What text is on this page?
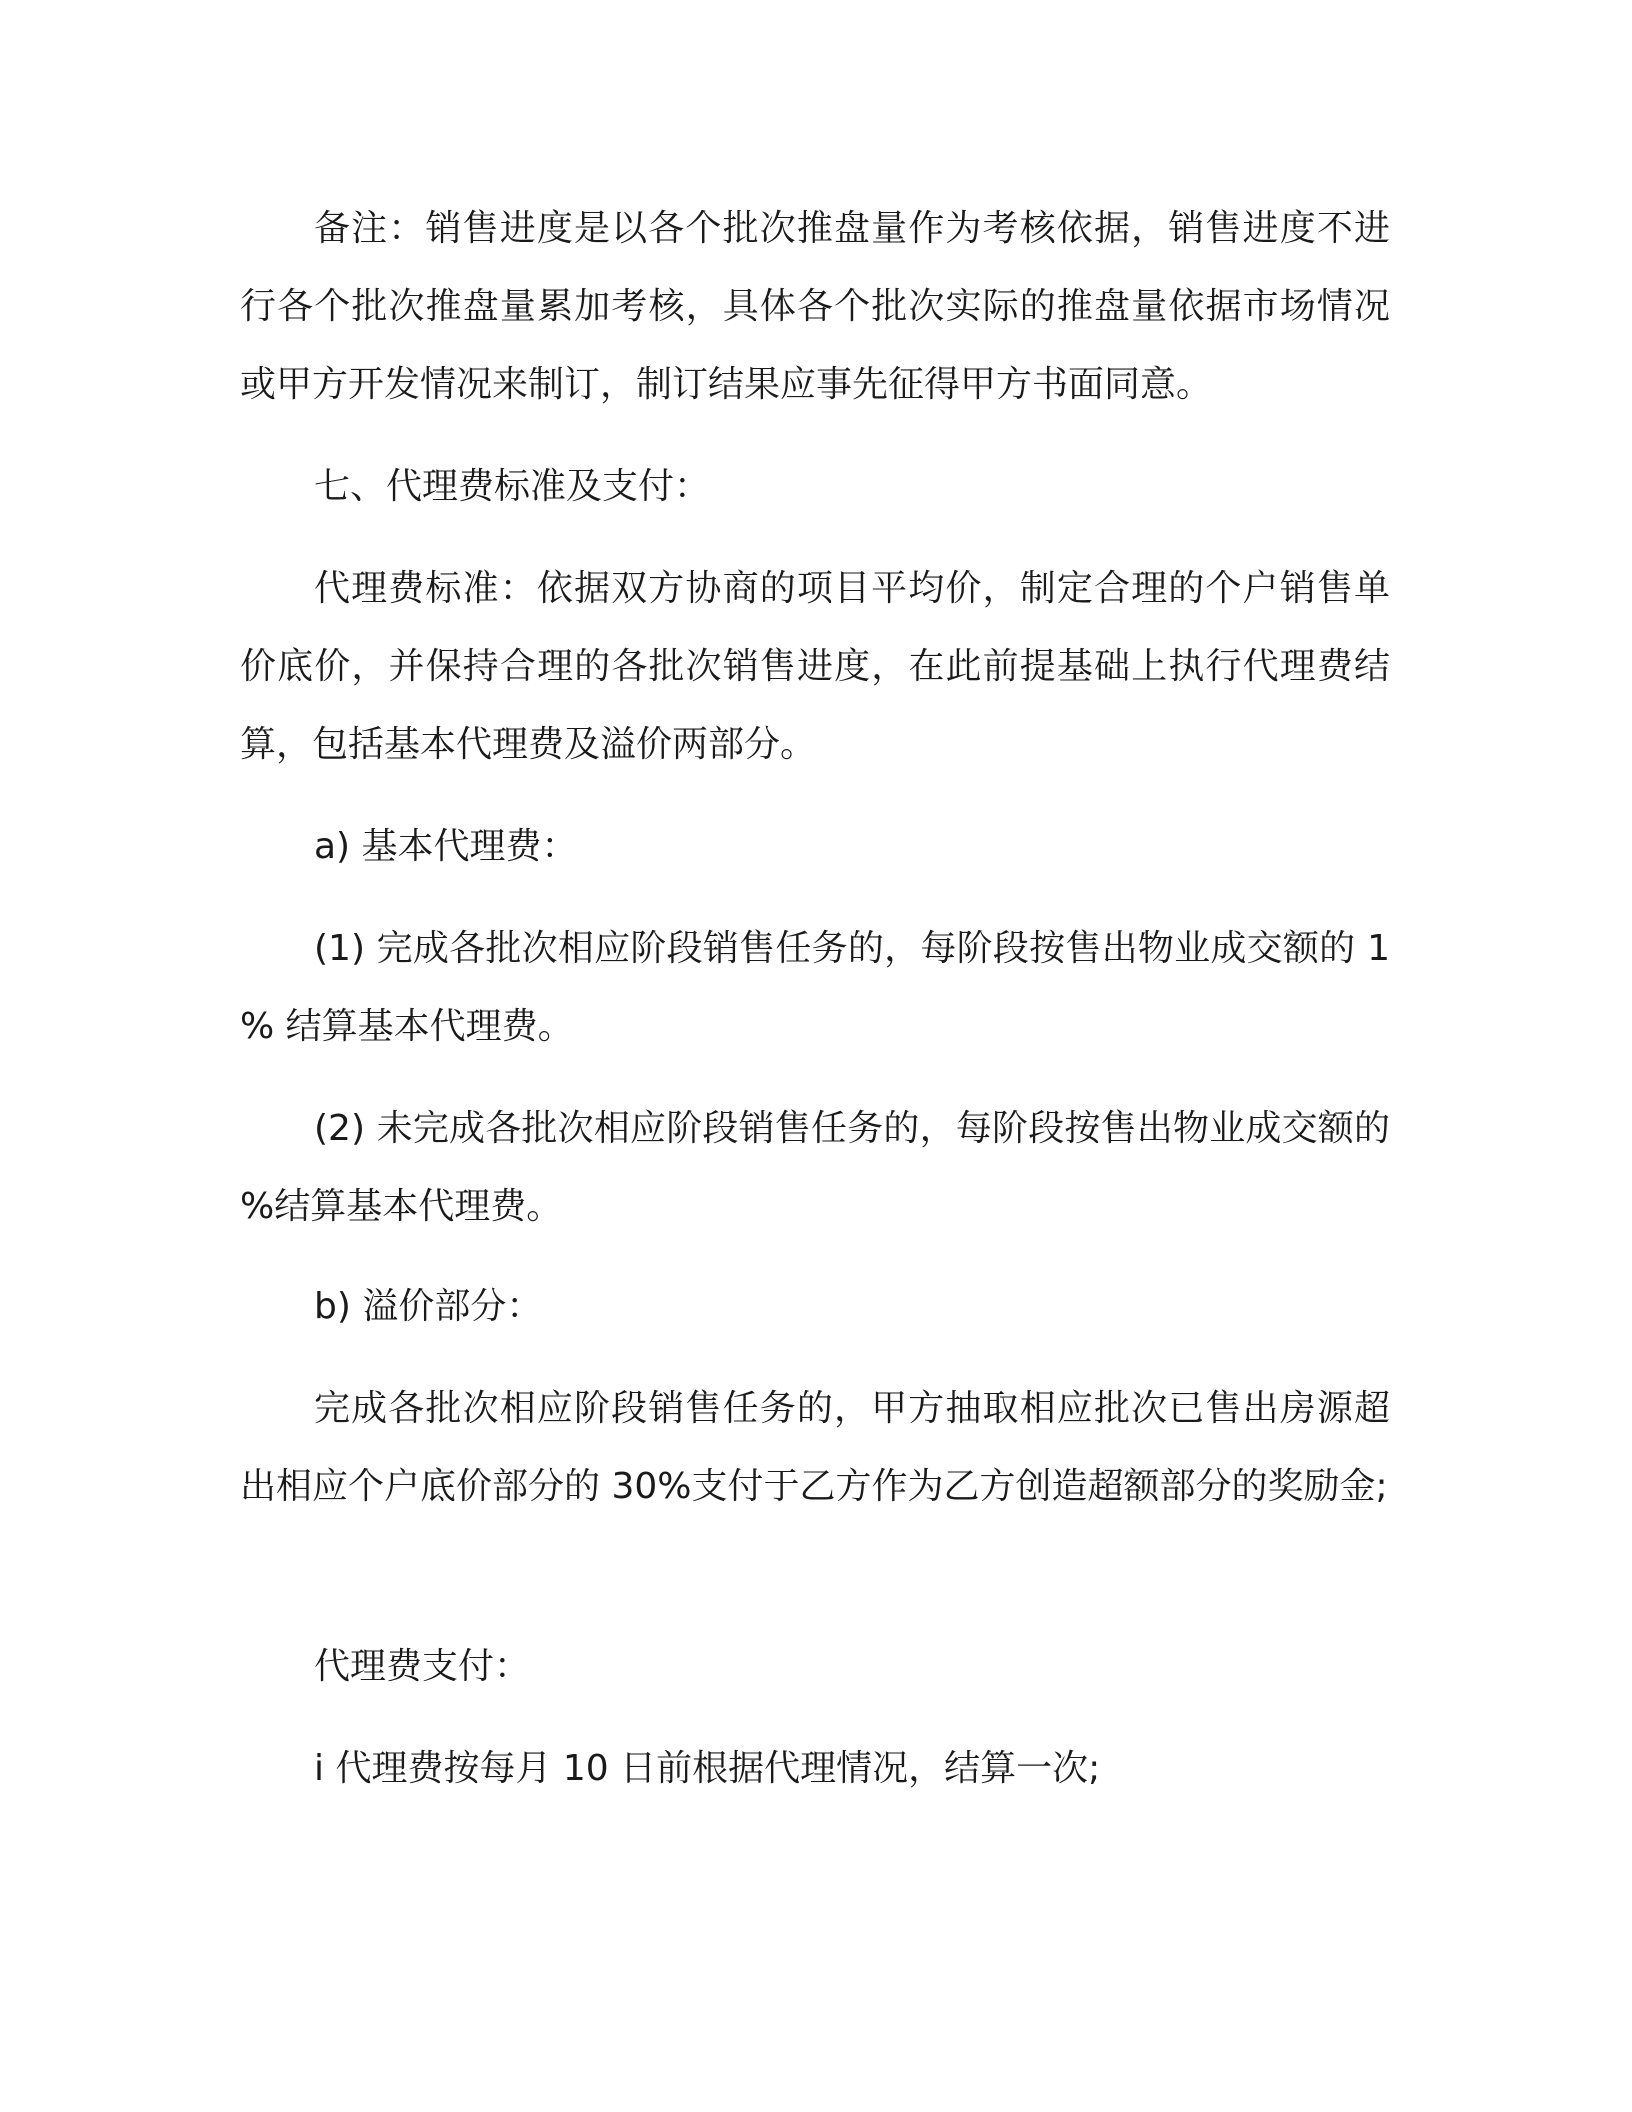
备注：销售进度是以各个批次推盘量作为考核依据，销售进度不进行各个批次推盘量累加考核，具体各个批次实际的推盘量依据市场情况或甲方开发情况来制订，制订结果应事先征得甲方书面同意。

七、代理费标准及支付：

代理费标准：依据双方协商的项目平均价，制定合理的个户销售单价底价，并保持合理的各批次销售进度，在此前提基础上执行代理费结算，包括基本代理费及溢价两部分。

a) 基本代理费：

(1) 完成各批次相应阶段销售任务的，每阶段按售出物业成交额的 1 % 结算基本代理费。

(2) 未完成各批次相应阶段销售任务的，每阶段按售出物业成交额的 %结算基本代理费。

b) 溢价部分：

完成各批次相应阶段销售任务的，甲方抽取相应批次已售出房源超出相应个户底价部分的 30%支付于乙方作为乙方创造超额部分的奖励金;

代理费支付：

i 代理费按每月 10 日前根据代理情况，结算一次;
